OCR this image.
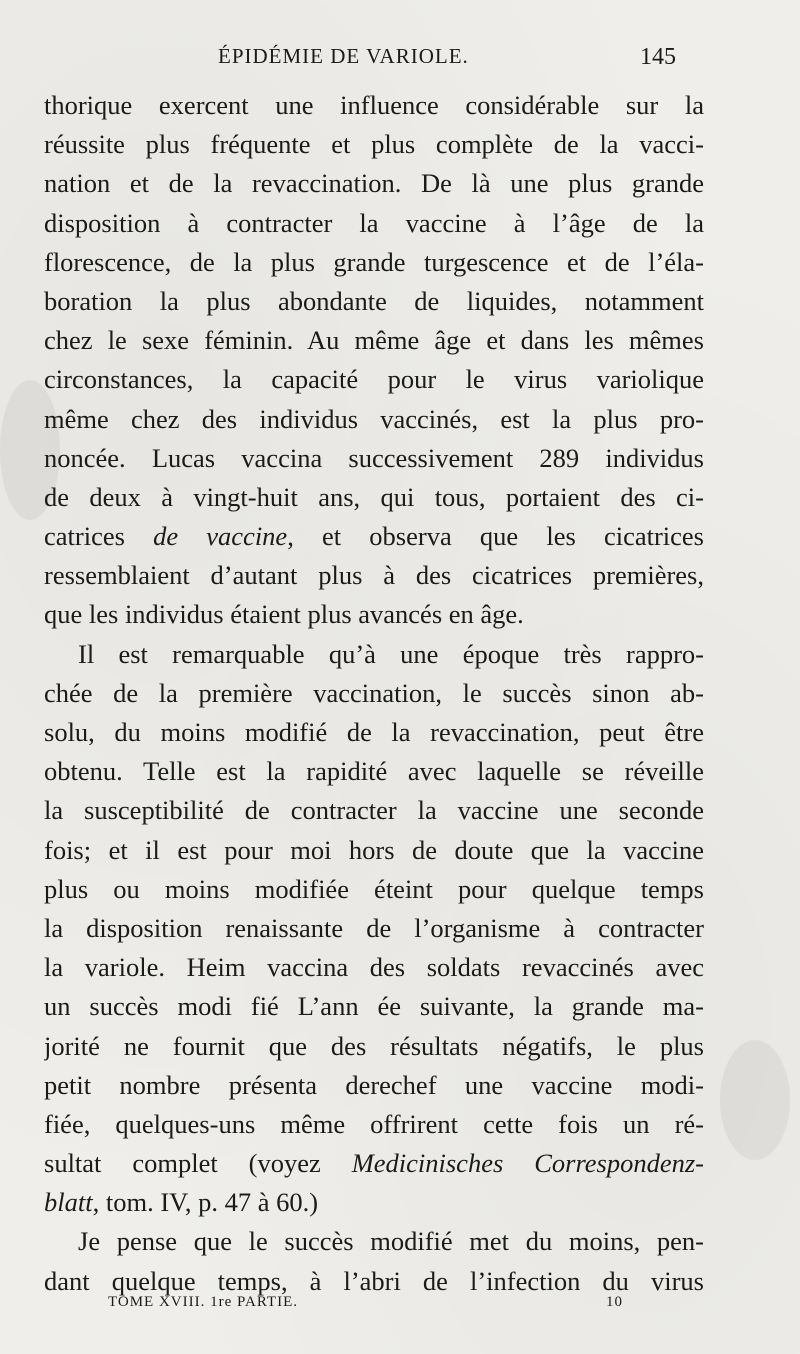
ÉPIDÉMIE DE VARIOLE.	145
thorique exercent une influence considérable sur la
réussite plus fréquente et plus complète de la vacci-
nation et de la revaccination. De là une plus grande
disposition à contracter la vaccine à l’âge de la
florescence, de la plus grande turgescence et de l’éla-
boration la plus abondante de liquides, notamment
chez le sexe féminin. Au même âge et dans les mêmes
circonstances, la capacité pour le virus variolique
même chez des individus vaccinés, est la plus pro-
noncée. Lucas vaccina successivement 289 individus
de deux à vingt-huit ans, qui tous, portaient des ci-
catrices de vaccine, et observa que les cicatrices
ressemblaient d’autant plus à des cicatrices premières,
que les individus étaient plus avancés en âge.
Il est remarquable qu’à une époque très rappro-
chée de la première vaccination, le succès sinon ab-
solu, du moins modifié de la revaccination, peut être
obtenu. Telle est la rapidité avec laquelle se réveille
la susceptibilité de contracter la vaccine une seconde
fois; et il est pour moi hors de doute que la vaccine
plus ou moins modifiée éteint pour quelque temps
la disposition renaissante de l’organisme à contracter
la variole. Heim vaccina des soldats revaccinés avec
un succès modi fié L’ann ée suivante, la grande ma-
jorité ne fournit que des résultats négatifs, le plus
petit nombre présenta derechef une vaccine modi-
fiée, quelques-uns même offrirent cette fois un ré-
sultat complet (voyez Medicinisches Correspondenz-
blatt, tom. IV, p. 47 à 60.)
Je pense que le succès modifié met du moins, pen-
dant quelque temps, à l’abri de l’infection du virus
TOME XVIII. 1re PARTIE.	10
